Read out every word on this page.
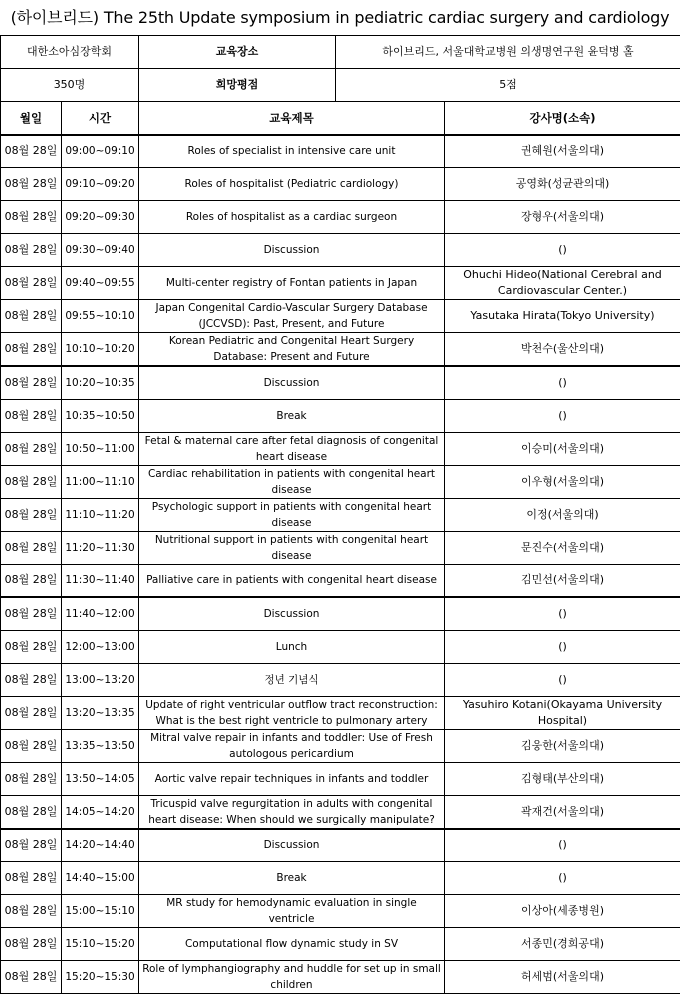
(하이브리드) The 25th Update symposium in pediatric cardiac surgery and cardiology
대한소아심장학회	교육장소	하이브리드, 서울대학교병원 의생명연구원 윤덕병 홀
350명	희망평점	5점
월일	시간	교육제목	강사명(소속)
08월 28일	09:00~09:10	Roles of specialist in intensive care unit	권혜원(서울의대)
08월 28일	09:10~09:20	Roles of hospitalist (Pediatric cardiology)	공영화(성균관의대)
08월 28일	09:20~09:30	Roles of hospitalist as a cardiac surgeon	장형우(서울의대)
08월 28일	09:30~09:40	Discussion	()
08월 28일	09:40~09:55	Multi-center registry of Fontan patients in Japan	Ohuchi Hideo(National Cerebral and Cardiovascular Center.)
08월 28일	09:55~10:10	Japan Congenital Cardio-Vascular Surgery Database (JCCVSD): Past, Present, and Future	Yasutaka Hirata(Tokyo University)
08월 28일	10:10~10:20	Korean Pediatric and Congenital Heart Surgery Database: Present and Future	박천수(울산의대)
08월 28일	10:20~10:35	Discussion	()
08월 28일	10:35~10:50	Break	()
08월 28일	10:50~11:00	Fetal & maternal care after fetal diagnosis of congenital heart disease	이승미(서울의대)
08월 28일	11:00~11:10	Cardiac rehabilitation in patients with congenital heart disease	이우형(서울의대)
08월 28일	11:10~11:20	Psychologic support in patients with congenital heart disease	이정(서울의대)
08월 28일	11:20~11:30	Nutritional support in patients with congenital heart disease	문진수(서울의대)
08월 28일	11:30~11:40	Palliative care in patients with congenital heart disease	김민선(서울의대)
08월 28일	11:40~12:00	Discussion	()
08월 28일	12:00~13:00	Lunch	()
08월 28일	13:00~13:20	정년 기념식	()
08월 28일	13:20~13:35	Update of right ventricular outflow tract reconstruction: What is the best right ventricle to pulmonary artery	Yasuhiro Kotani(Okayama University Hospital)
08월 28일	13:35~13:50	Mitral valve repair in infants and toddler: Use of Fresh autologous pericardium	김웅한(서울의대)
08월 28일	13:50~14:05	Aortic valve repair techniques in infants and toddler	김형태(부산의대)
08월 28일	14:05~14:20	Tricuspid valve regurgitation in adults with congenital heart disease: When should we surgically manipulate?	곽재건(서울의대)
08월 28일	14:20~14:40	Discussion	()
08월 28일	14:40~15:00	Break	()
08월 28일	15:00~15:10	MR study for hemodynamic evaluation in single ventricle	이상아(세종병원)
08월 28일	15:10~15:20	Computational flow dynamic study in SV	서종민(경희공대)
08월 28일	15:20~15:30	Role of lymphangiography and huddle for set up in small children	허세범(서울의대)
